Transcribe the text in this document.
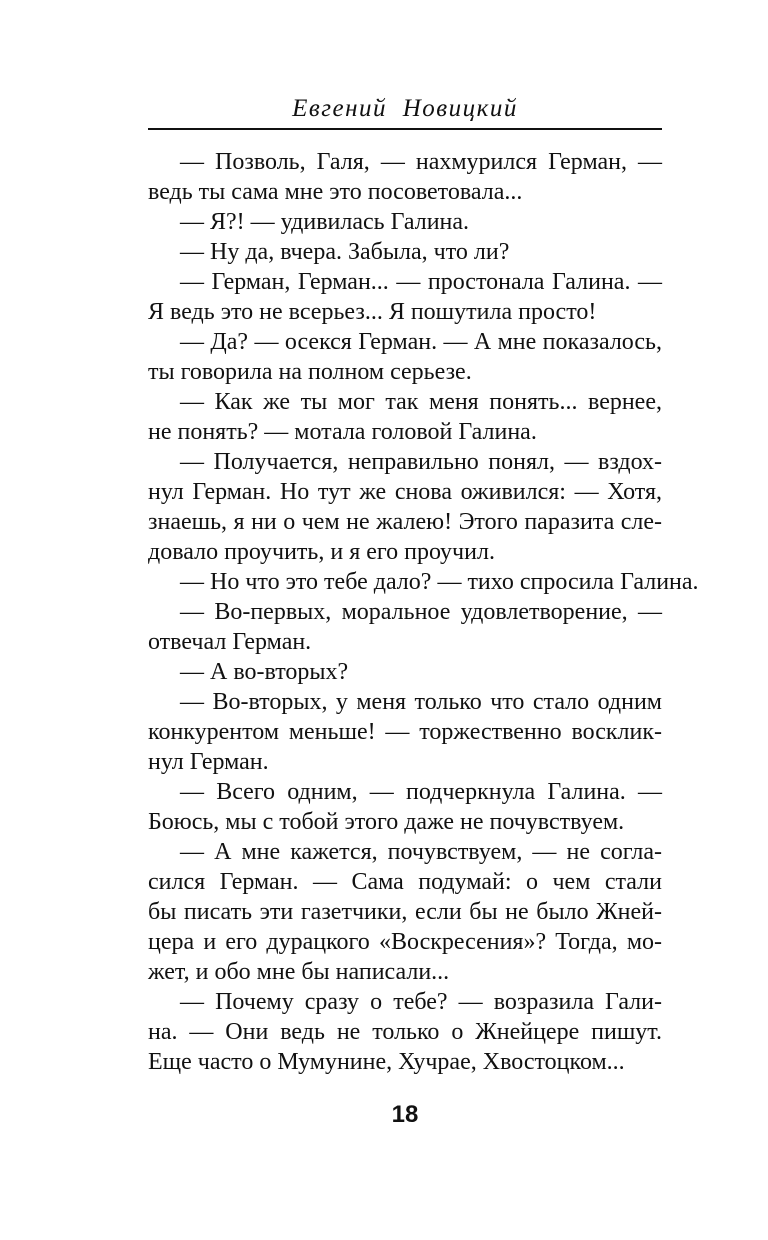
Евгений Новицкий

— Позволь, Галя, — нахмурился Герман, —
ведь ты сама мне это посоветовала...

— Я?! — удивилась Галина.

— Ну да, вчера. Забыла, что ли?

— Герман, Герман... — простонала Галина. —
Я ведь это не всерьез... Я пошутила просто!

— Да? — осекся Герман. — А мне показалось,
ты говорила на полном серьезе.

— Как же ты мог так меня понять... вернее,
не понять? — мотала головой Галина.

— Получается, неправильно понял, — вздох-
нул Герман. Но тут же снова оживился: — Хотя,
знаешь, я ни о чем не жалею! Этого паразита сле-
довало проучить, и я его проучил.

— Но что это тебе дало? — тихо спросила Галина.

— Во-первых, моральное удовлетворение, —
отвечал Герман.

— А во-вторых?

— Во-вторых, у меня только что стало одним
конкурентом меньше! — торжественно восклик-
нул Герман.

— Всего одним, — подчеркнула Галина. —
Боюсь, мы с тобой этого даже не почувствуем.

— А мне кажется, почувствуем, — не согла-
сился Герман. — Сама подумай: о чем стали
бы писать эти газетчики, если бы не было Жней-
цера и его дурацкого «Воскресения»? Тогда, мо-
жет, и обо мне бы написали...

— Почему сразу о тебе? — возразила Гали-
на. — Они ведь не только о Жнейцере пишут.
Еще часто о Мумунине, Хучрае, Хвостоцком...

18
